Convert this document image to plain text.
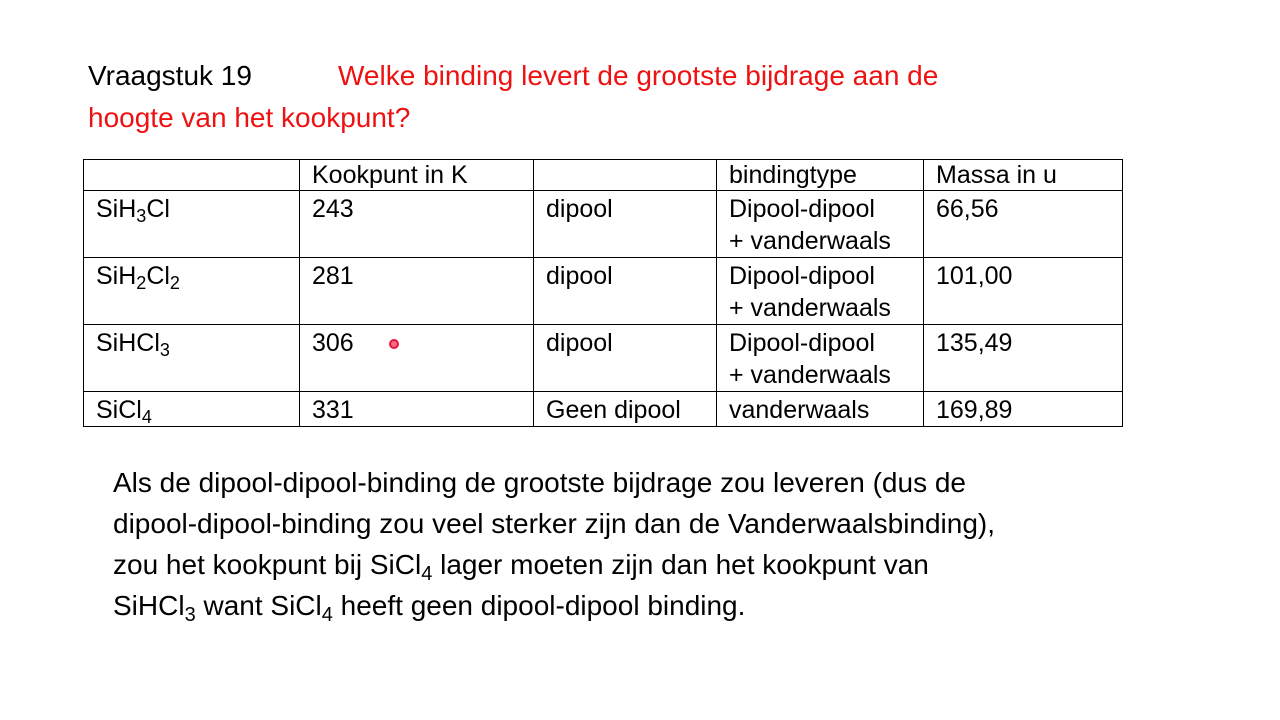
Vraagstuk 19	Welke binding levert de grootste bijdrage aan de
hoogte van het kookpunt?
	Kookpunt in K		bindingtype	Massa in u
SiH$_3$Cl	243	dipool	Dipool-dipool
+ vanderwaals	66,56
$SiH_2Cl_2$	281	dipool	Dipool-dipool
+ vanderwaals	101,00
SiHCl$_3$	306	dipool	Dipool-dipool
+ vanderwaals	135,49
SiCl$_4$	331	Geen dipool	vanderwaals	169,89

Als de dipool-dipool-binding de grootste bijdrage zou leveren (dus de

dipool-dipool-binding zou veel sterker zijn dan de Vanderwaalsbinding),

zou het kookpunt bij SiCl$_4$ lager moeten zijn dan het kookpunt van

SiHCl$_3$ want SiCl$_4$ heeft geen dipool-dipool binding.
